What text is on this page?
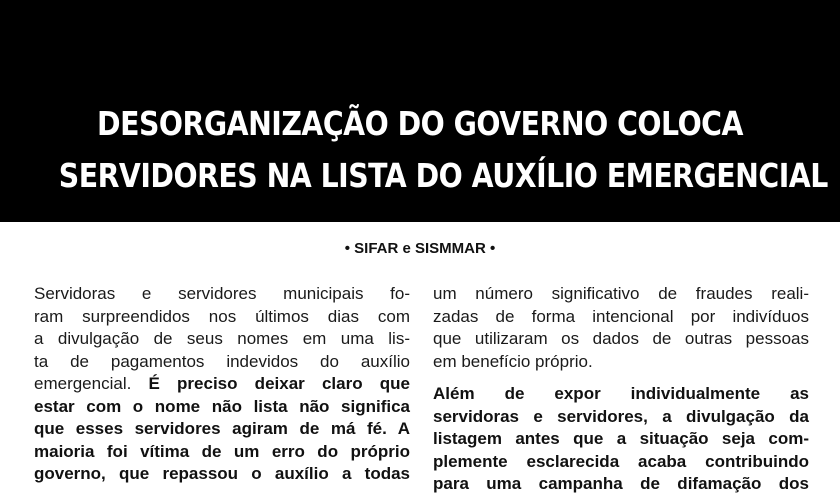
DESORGANIZAÇÃO DO GOVERNO COLOCA
SERVIDORES NA LISTA DO AUXÍLIO EMERGENCIAL
• SIFAR e SISMMAR •
Servidoras e servidores municipais fo-
ram surpreendidos nos últimos dias com
a divulgação de seus nomes em uma lis-
ta de pagamentos indevidos do auxílio
emergencial. É preciso deixar claro que
estar com o nome não lista não significa
que esses servidores agiram de má fé. A
maioria foi vítima de um erro do próprio
governo, que repassou o auxílio a todas
um número significativo de fraudes reali-
zadas de forma intencional por indivíduos
que utilizaram os dados de outras pessoas
em benefício próprio.
Além de expor individualmente as
servidoras e servidores, a divulgação da
listagem antes que a situação seja com-
plemente esclarecida acaba contribuindo
para uma campanha de difamação dos
